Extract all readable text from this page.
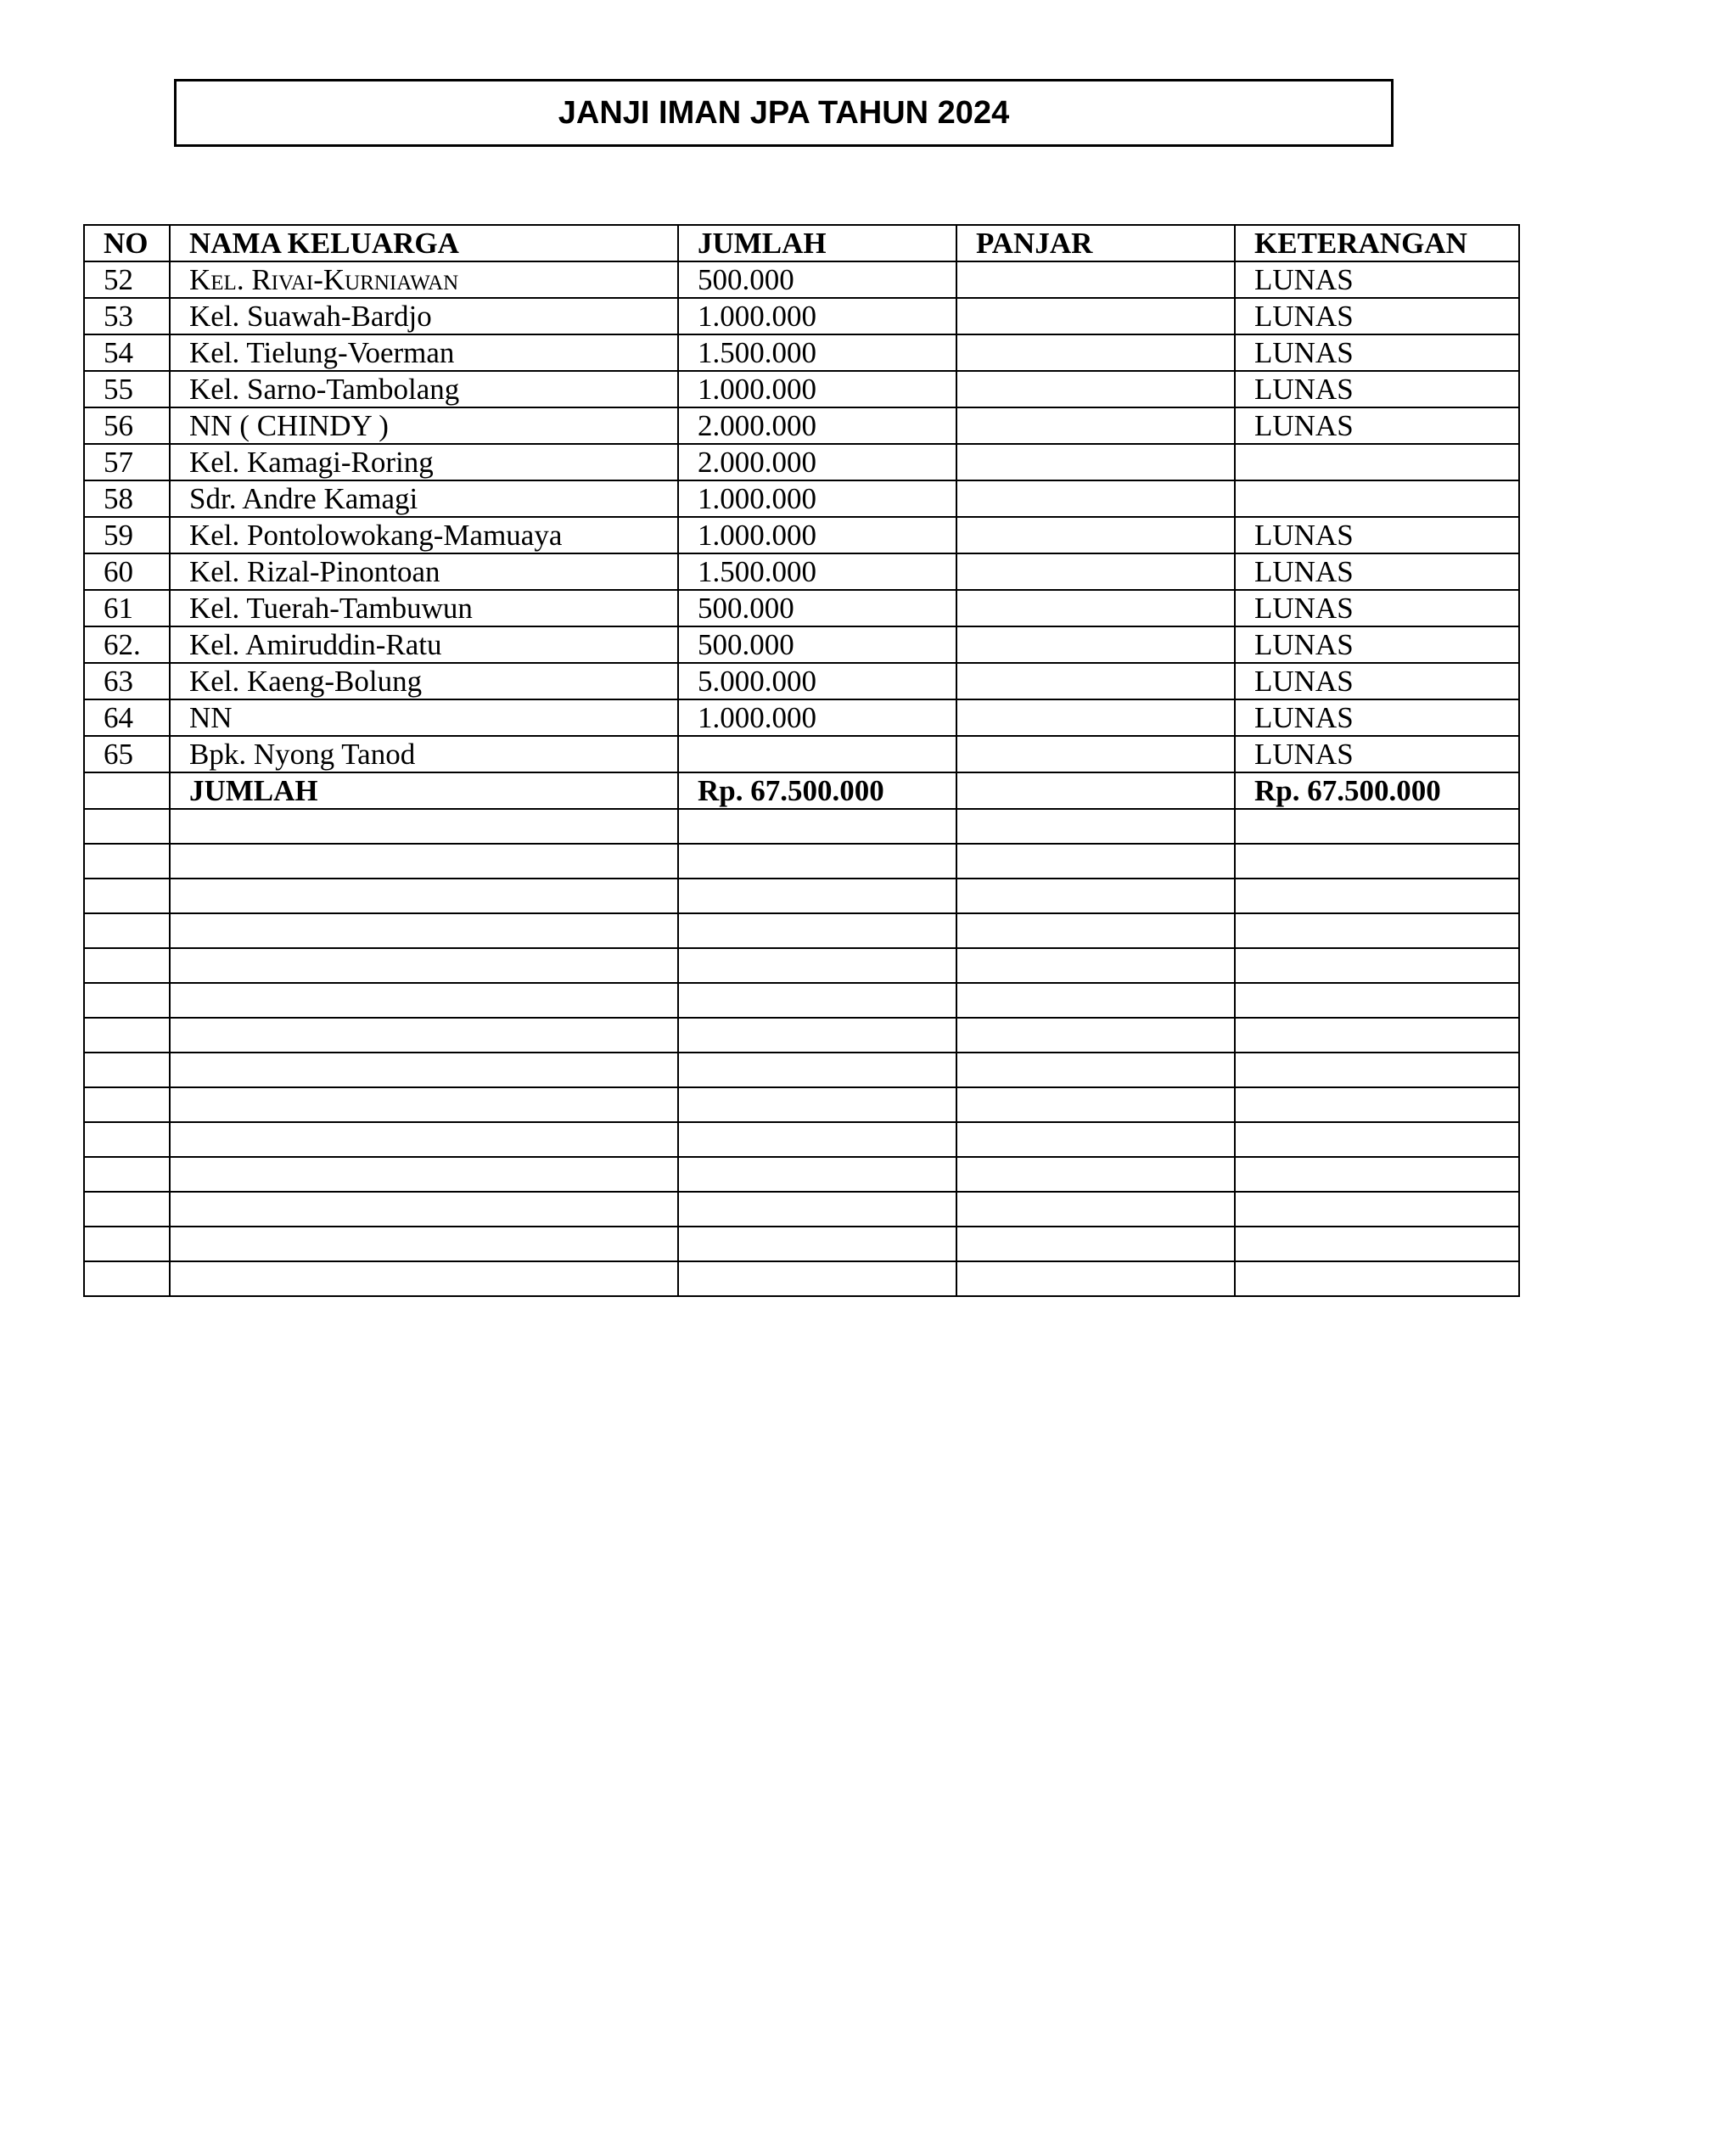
JANJI IMAN JPA TAHUN 2024
NO	NAMA KELUARGA	JUMLAH	PANJAR	KETERANGAN
52	Kel. Rivai-Kurniawan	500.000		LUNAS
53	Kel. Suawah-Bardjo	1.000.000		LUNAS
54	Kel. Tielung-Voerman	1.500.000		LUNAS
55	Kel. Sarno-Tambolang	1.000.000		LUNAS
56	NN ( CHINDY )	2.000.000		LUNAS
57	Kel. Kamagi-Roring	2.000.000		
58	Sdr. Andre Kamagi	1.000.000		
59	Kel. Pontolowokang-Mamuaya	1.000.000		LUNAS
60	Kel. Rizal-Pinontoan	1.500.000		LUNAS
61	Kel. Tuerah-Tambuwun	500.000		LUNAS
62.	Kel. Amiruddin-Ratu	500.000		LUNAS
63	Kel. Kaeng-Bolung	5.000.000		LUNAS
64	NN	1.000.000		LUNAS
65	Bpk. Nyong Tanod			LUNAS
	JUMLAH	Rp. 67.500.000		Rp. 67.500.000
